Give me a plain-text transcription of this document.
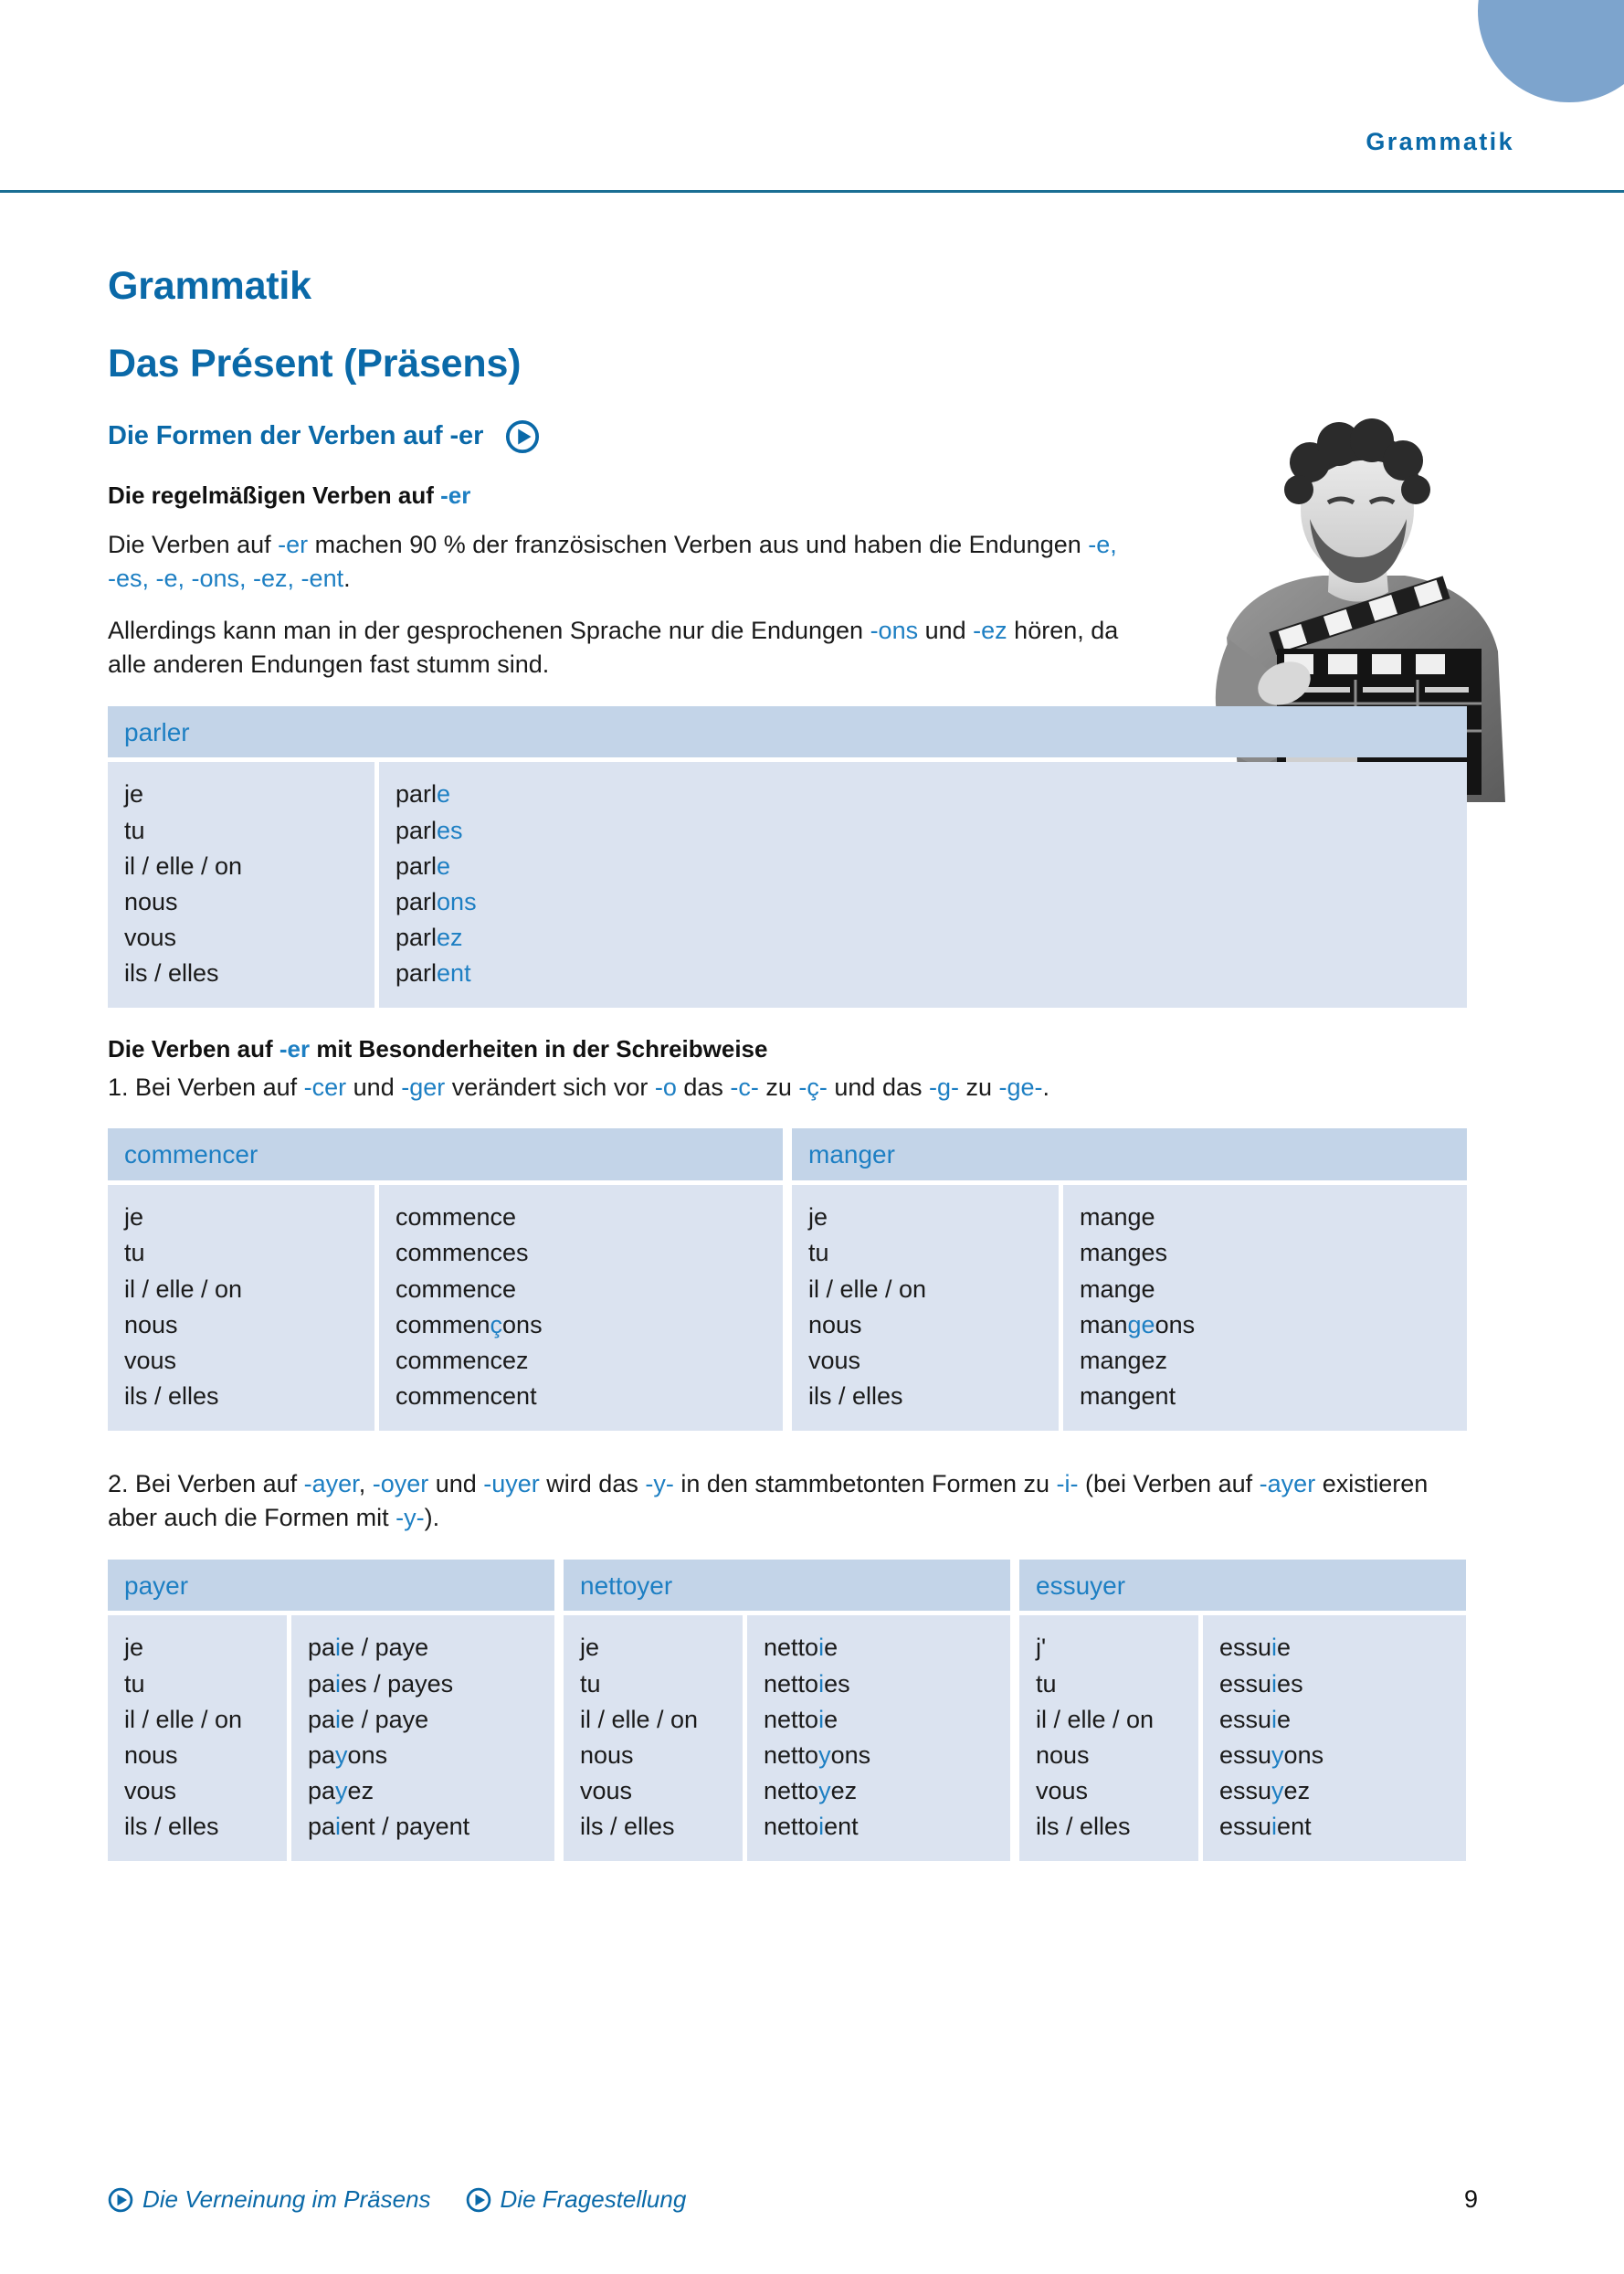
Grammatik
Grammatik
Das Présent (Präsens)
Die Formen der Verben auf -er
Die regelmäßigen Verben auf -er

Die Verben auf -er machen 90 % der französischen Verben aus und haben die Endungen -e, -es, -e, -ons, -ez, -ent.

Allerdings kann man in der gesprochenen Sprache nur die Endungen -ons und -ez hören, da alle anderen Endungen fast stumm sind.

parler
je
tu
il / elle / on
nous
vous
ils / elles
parle
parles
parle
parlons
parlez
parlent
Die Verben auf -er mit Besonderheiten in der Schreibweise

1. Bei Verben auf -cer und -ger verändert sich vor -o das -c- zu -ç- und das -g- zu -ge-.

commencer
je
tu
il / elle / on
nous
vous
ils / elles
commence
commences
commence
commençons
commencez
commencent
manger
je
tu
il / elle / on
nous
vous
ils / elles
mange
manges
mange
mangeons
mangez
mangent

2. Bei Verben auf -ayer, -oyer und -uyer wird das -y- in den stammbetonten Formen zu -i- (bei Verben auf -ayer existieren aber auch die Formen mit -y-).

payer
je
tu
il / elle / on
nous
vous
ils / elles
paie / paye
paies / payes
paie / paye
payons
payez
paient / payent
nettoyer
je
tu
il / elle / on
nous
vous
ils / elles
nettoie
nettoies
nettoie
nettoyons
nettoyez
nettoient
essuyer
j'
tu
il / elle / on
nous
vous
ils / elles
essuie
essuies
essuie
essuyons
essuyez
essuient
Die Verneinung im Präsens	Die Fragestellung	9
